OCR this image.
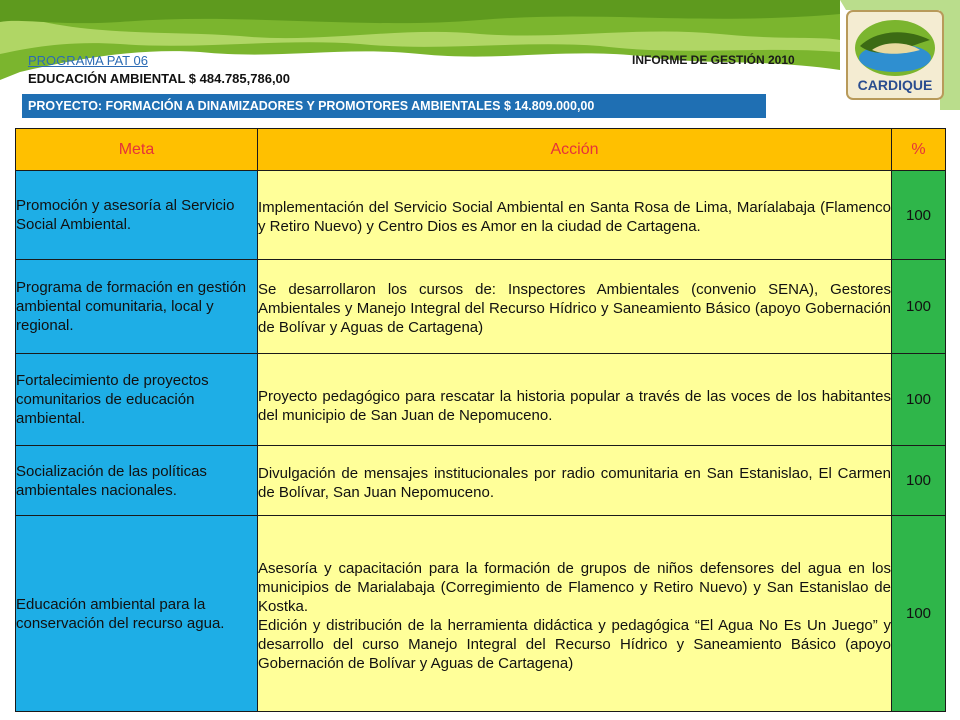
PROGRAMA PAT 06	INFORME DE GESTIÓN 2010
EDUCACIÓN AMBIENTAL $ 484.785,786,00
PROYECTO: FORMACIÓN A DINAMIZADORES Y PROMOTORES AMBIENTALES $ 14.809.000,00
CARDIQUE
Meta	Acción	%
Promoción y asesoría al Servicio Social Ambiental.	Implementación del Servicio Social Ambiental en Santa Rosa de Lima, Maríalabaja (Flamenco y Retiro Nuevo) y Centro Dios es Amor en la ciudad de Cartagena.	100
Programa de formación en gestión ambiental comunitaria, local y regional.	Se desarrollaron los cursos de: Inspectores Ambientales (convenio SENA), Gestores Ambientales y Manejo Integral del Recurso Hídrico y Saneamiento Básico (apoyo Gobernación de Bolívar y Aguas de Cartagena)	100
Fortalecimiento de proyectos comunitarios de educación ambiental.	Proyecto pedagógico para rescatar la historia popular a través de las voces de los habitantes del municipio de San Juan de Nepomuceno.	100
Socialización de las políticas ambientales nacionales.	Divulgación de mensajes institucionales por radio comunitaria en San Estanislao, El Carmen de Bolívar, San Juan Nepomuceno.	100
Educación ambiental para la conservación del recurso agua.	Asesoría y capacitación para la formación de grupos de niños defensores del agua en los municipios de Marialabaja (Corregimiento de Flamenco y Retiro Nuevo) y San Estanislao de Kostka.
Edición y distribución de la herramienta didáctica y pedagógica “El Agua No Es Un Juego” y desarrollo del curso Manejo Integral del Recurso Hídrico y Saneamiento Básico (apoyo Gobernación de Bolívar y Aguas de Cartagena)	100
